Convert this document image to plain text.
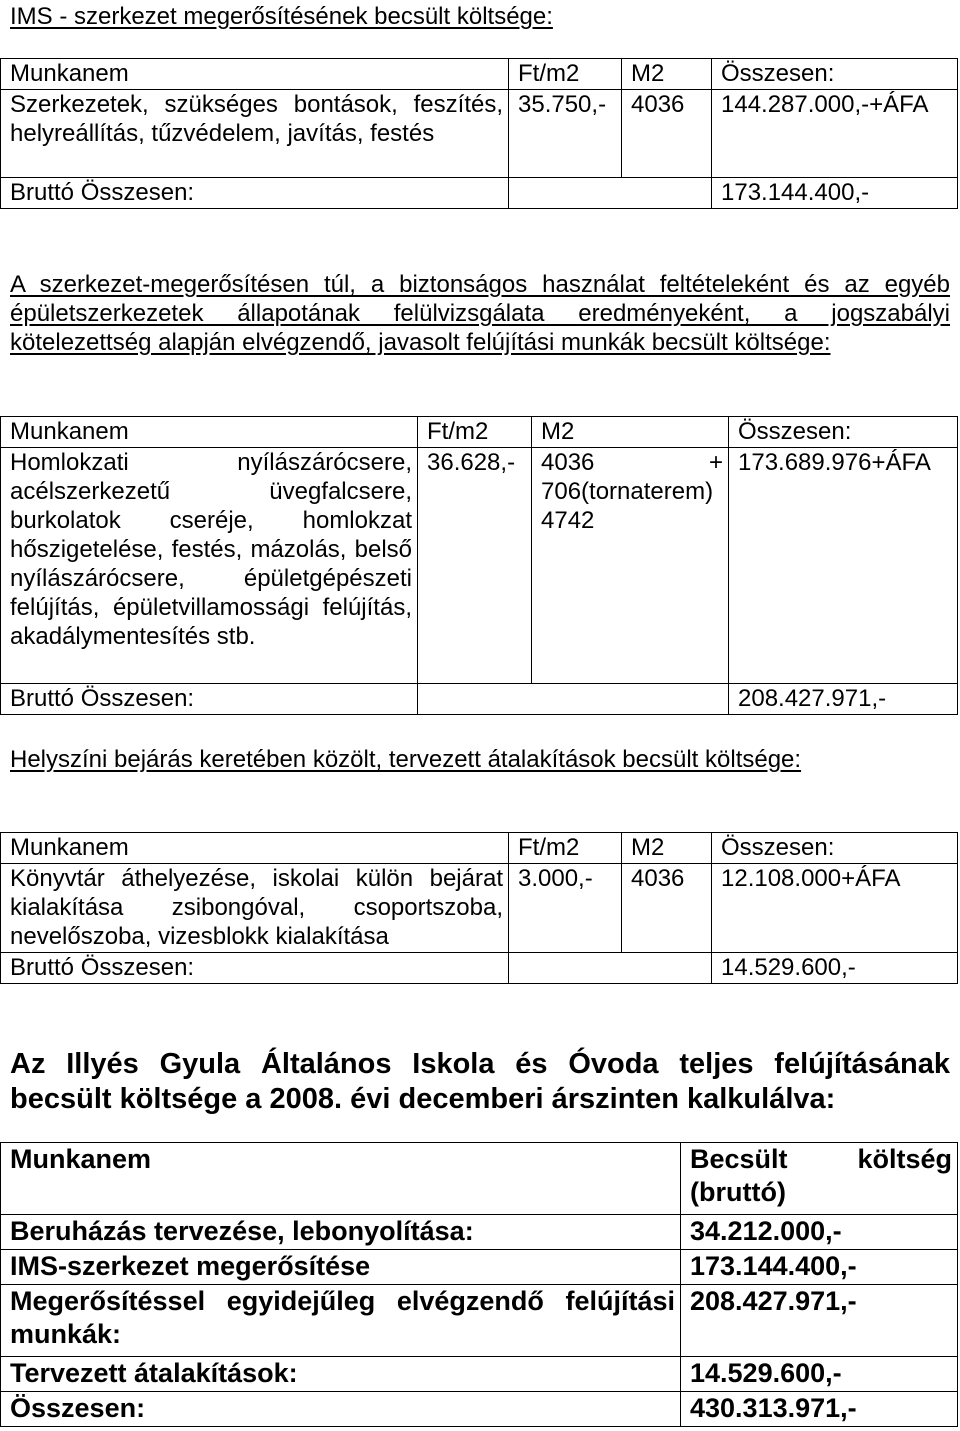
IMS - szerkezet megerősítésének becsült költsége:
Munkanem	Ft/m2	M2	Összesen:
Szerkezetek, szükséges bontások, feszítés, helyreállítás, tűzvédelem, javítás, festés	35.750,-	4036	144.287.000,-+ÁFA
Bruttó Összesen:			173.144.400,-
A szerkezet-megerősítésen túl, a biztonságos használat feltételeként és az egyéb épületszerkezetek állapotának felülvizsgálata eredményeként, a jogszabályi kötelezettség alapján elvégzendő, javasolt felújítási munkák becsült költsége:
Munkanem	Ft/m2	M2	Összesen:
Homlokzati nyílászárócsere, acélszerkezetű üvegfalcsere, burkolatok cseréje, homlokzat hőszigetelése, festés, mázolás, belső nyílászárócsere, épületgépészeti felújítás, épületvillamossági felújítás, akadálymentesítés stb.	36.628,-	4036 + 706(tornaterem) 4742	173.689.976+ÁFA
Bruttó Összesen:			208.427.971,-
Helyszíni bejárás keretében közölt, tervezett átalakítások becsült költsége:
Munkanem	Ft/m2	M2	Összesen:
Könyvtár áthelyezése, iskolai külön bejárat kialakítása zsibongóval, csoportszoba, nevelőszoba, vizesblokk kialakítása	3.000,-	4036	12.108.000+ÁFA
Bruttó Összesen:			14.529.600,-
Az Illyés Gyula Általános Iskola és Óvoda teljes felújításának becsült költsége a 2008. évi decemberi árszinten kalkulálva:
Munkanem	Becsült költség (bruttó)
Beruházás tervezése, lebonyolítása:	34.212.000,-
IMS-szerkezet megerősítése	173.144.400,-
Megerősítéssel egyidejűleg elvégzendő felújítási munkák:	208.427.971,-
Tervezett átalakítások:	14.529.600,-
Összesen:	430.313.971,-
